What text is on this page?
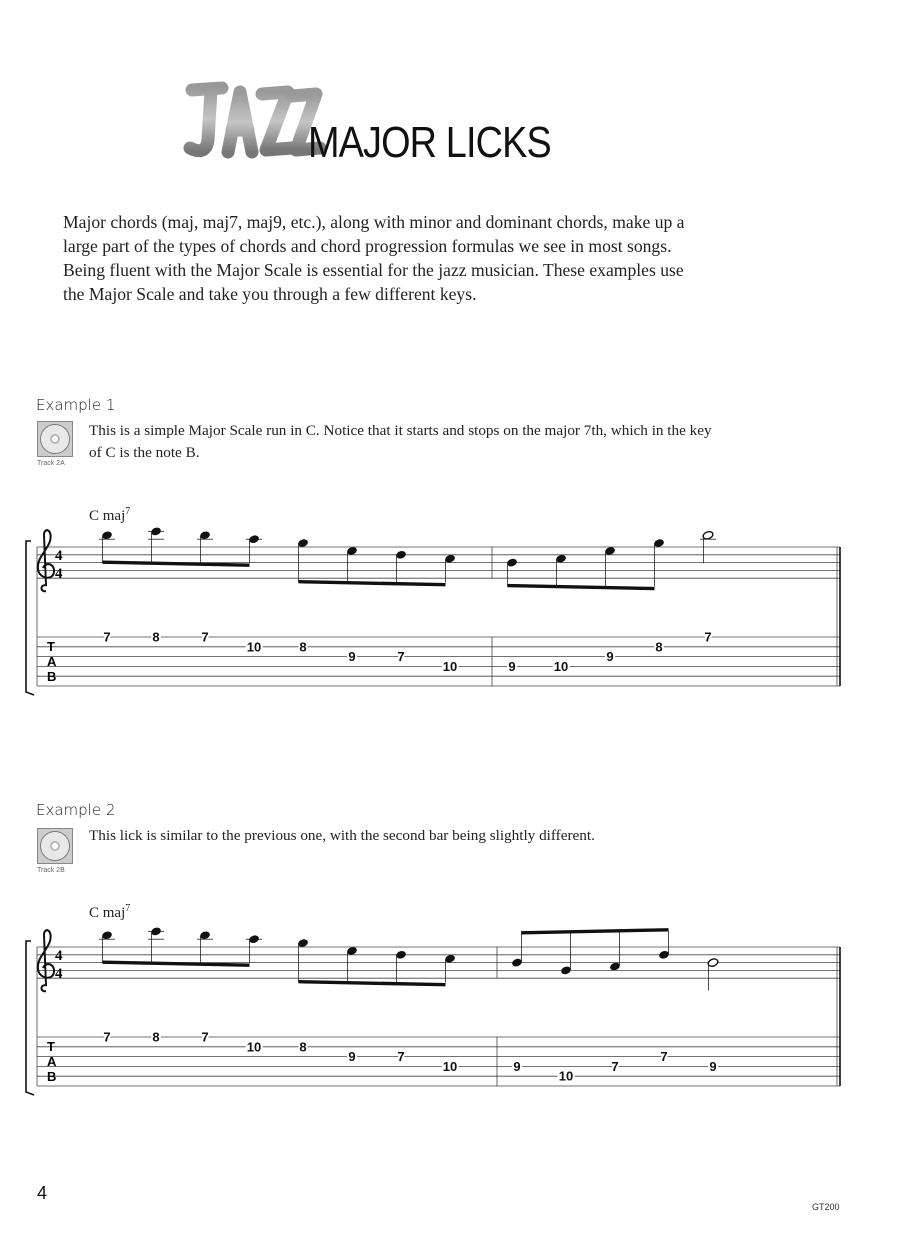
MAJOR LICKS
Major chords (maj, maj7, maj9, etc.), along with minor and dominant chords, make up a
large part of the types of chords and chord progression formulas we see in most songs.
Being fluent with the Major Scale is essential for the jazz musician. These examples use
the Major Scale and take you through a few different keys.
Example 1
Track 2A
This is a simple Major Scale run in C. Notice that it starts and stops on the major 7th, which in the key
of C is the note B.
C maj$^7$
4
4
T
A
B
7	8	7
10	8
9	7
10	9	10
9
8
7
Example 2
Track 2B
This lick is similar to the previous one, with the second bar being slightly different.
C maj$^7$
4
4
T
A
B
7	8	7
10	8
9	7
10	9
10
7
7
9
4
GT200
